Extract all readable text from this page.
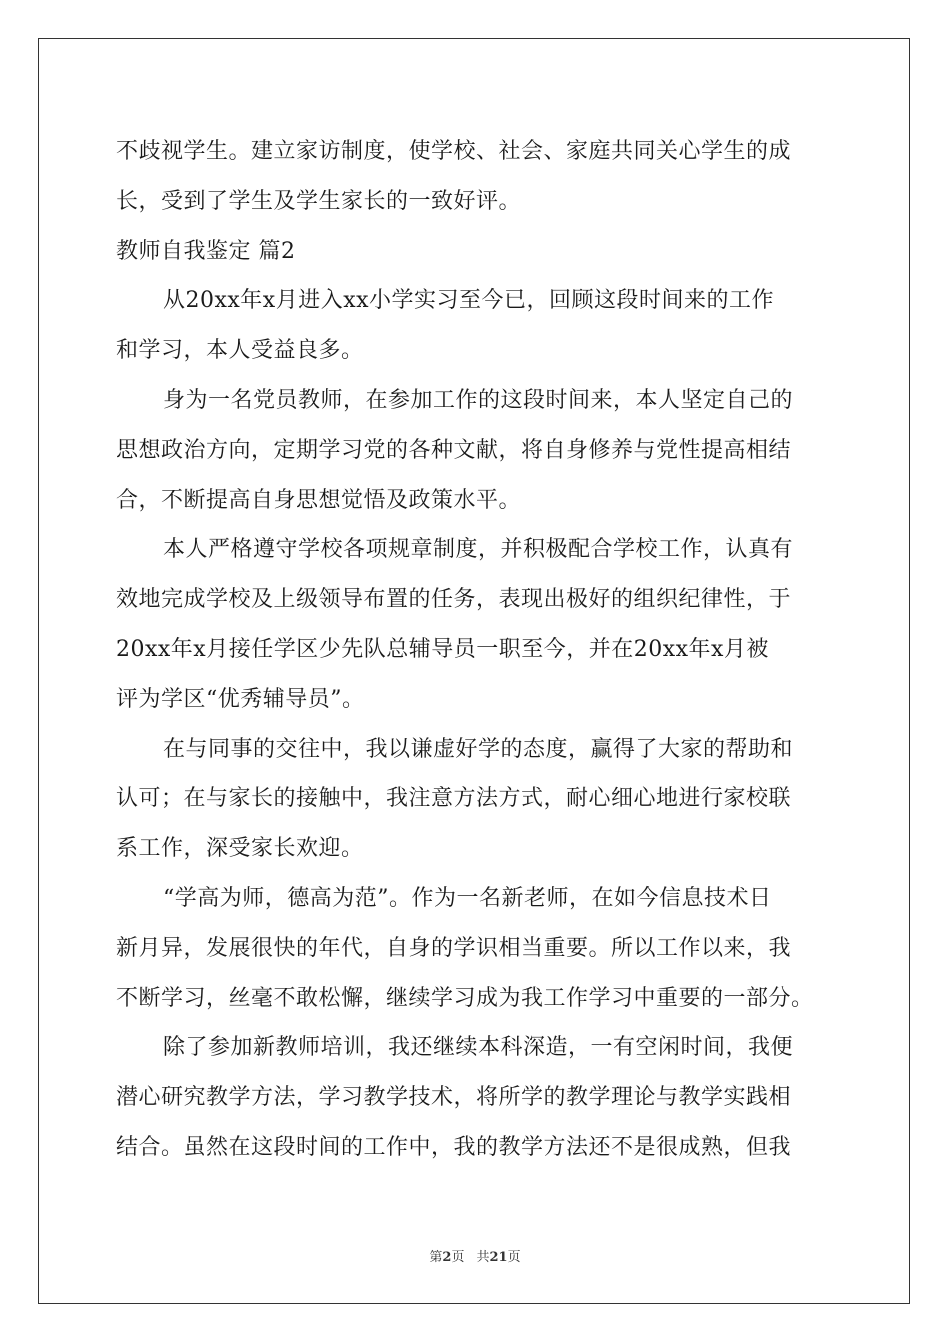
不歧视学生。建立家访制度，使学校、社会、家庭共同关心学生的成
长，受到了学生及学生家长的一致好评。
教师自我鉴定 篇2
从20xx年x月进入xx小学实习至今已，回顾这段时间来的工作
和学习，本人受益良多。
身为一名党员教师，在参加工作的这段时间来，本人坚定自己的
思想政治方向，定期学习党的各种文献，将自身修养与党性提高相结
合，不断提高自身思想觉悟及政策水平。
本人严格遵守学校各项规章制度，并积极配合学校工作，认真有
效地完成学校及上级领导布置的任务，表现出极好的组织纪律性，于
20xx年x月接任学区少先队总辅导员一职至今，并在20xx年x月被
评为学区“优秀辅导员”。
在与同事的交往中，我以谦虚好学的态度，赢得了大家的帮助和
认可；在与家长的接触中，我注意方法方式，耐心细心地进行家校联
系工作，深受家长欢迎。
“学高为师，德高为范”。作为一名新老师，在如今信息技术日
新月异，发展很快的年代，自身的学识相当重要。所以工作以来，我
不断学习，丝毫不敢松懈，继续学习成为我工作学习中重要的一部分。
除了参加新教师培训，我还继续本科深造，一有空闲时间，我便
潜心研究教学方法，学习教学技术，将所学的教学理论与教学实践相
结合。虽然在这段时间的工作中，我的教学方法还不是很成熟，但我
第2页 共21页
